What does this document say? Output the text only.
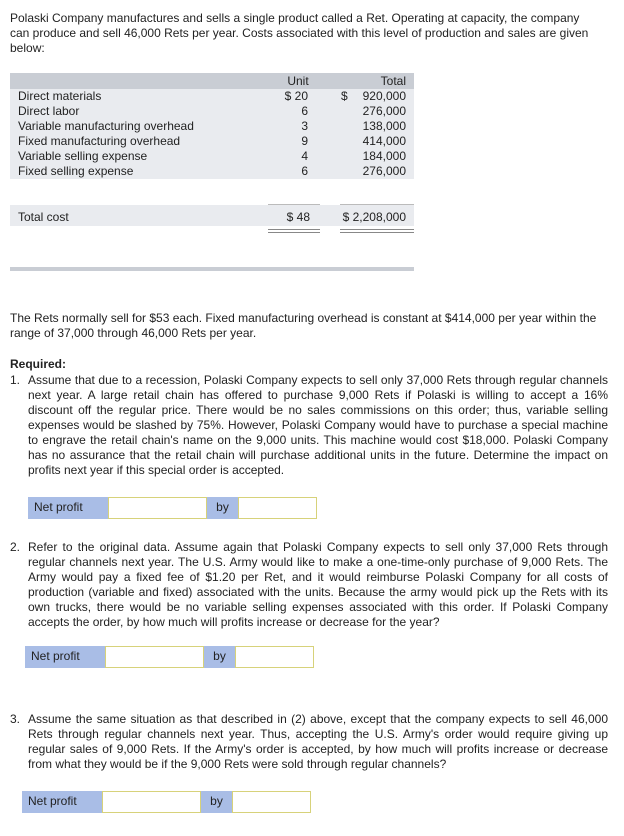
Polaski Company manufactures and sells a single product called a Ret. Operating at capacity, the company can produce and sell 46,000 Rets per year. Costs associated with this level of production and sales are given below:

Unit	Total
Direct materials	$ 20	$	920,000
Direct labor	6	276,000
Variable manufacturing overhead	3	138,000
Fixed manufacturing overhead	9	414,000
Variable selling expense	4	184,000
Fixed selling expense	6	276,000
Total cost	$ 48	$ 2,208,000

The Rets normally sell for $53 each. Fixed manufacturing overhead is constant at $414,000 per year within the range of 37,000 through 46,000 Rets per year.

Required:

1. Assume that due to a recession, Polaski Company expects to sell only 37,000 Rets through regular channels next year. A large retail chain has offered to purchase 9,000 Rets if Polaski is willing to accept a 16% discount off the regular price. There would be no sales commissions on this order; thus, variable selling expenses would be slashed by 75%. However, Polaski Company would have to purchase a special machine to engrave the retail chain's name on the 9,000 units. This machine would cost $18,000. Polaski Company has no assurance that the retail chain will purchase additional units in the future. Determine the impact on profits next year if this special order is accepted.
Net profit	by
2. Refer to the original data. Assume again that Polaski Company expects to sell only 37,000 Rets through regular channels next year. The U.S. Army would like to make a one-time-only purchase of 9,000 Rets. The Army would pay a fixed fee of $1.20 per Ret, and it would reimburse Polaski Company for all costs of production (variable and fixed) associated with the units. Because the army would pick up the Rets with its own trucks, there would be no variable selling expenses associated with this order. If Polaski Company accepts the order, by how much will profits increase or decrease for the year?
Net profit	by
3. Assume the same situation as that described in (2) above, except that the company expects to sell 46,000 Rets through regular channels next year. Thus, accepting the U.S. Army's order would require giving up regular sales of 9,000 Rets. If the Army's order is accepted, by how much will profits increase or decrease from what they would be if the 9,000 Rets were sold through regular channels?
Net profit	by
